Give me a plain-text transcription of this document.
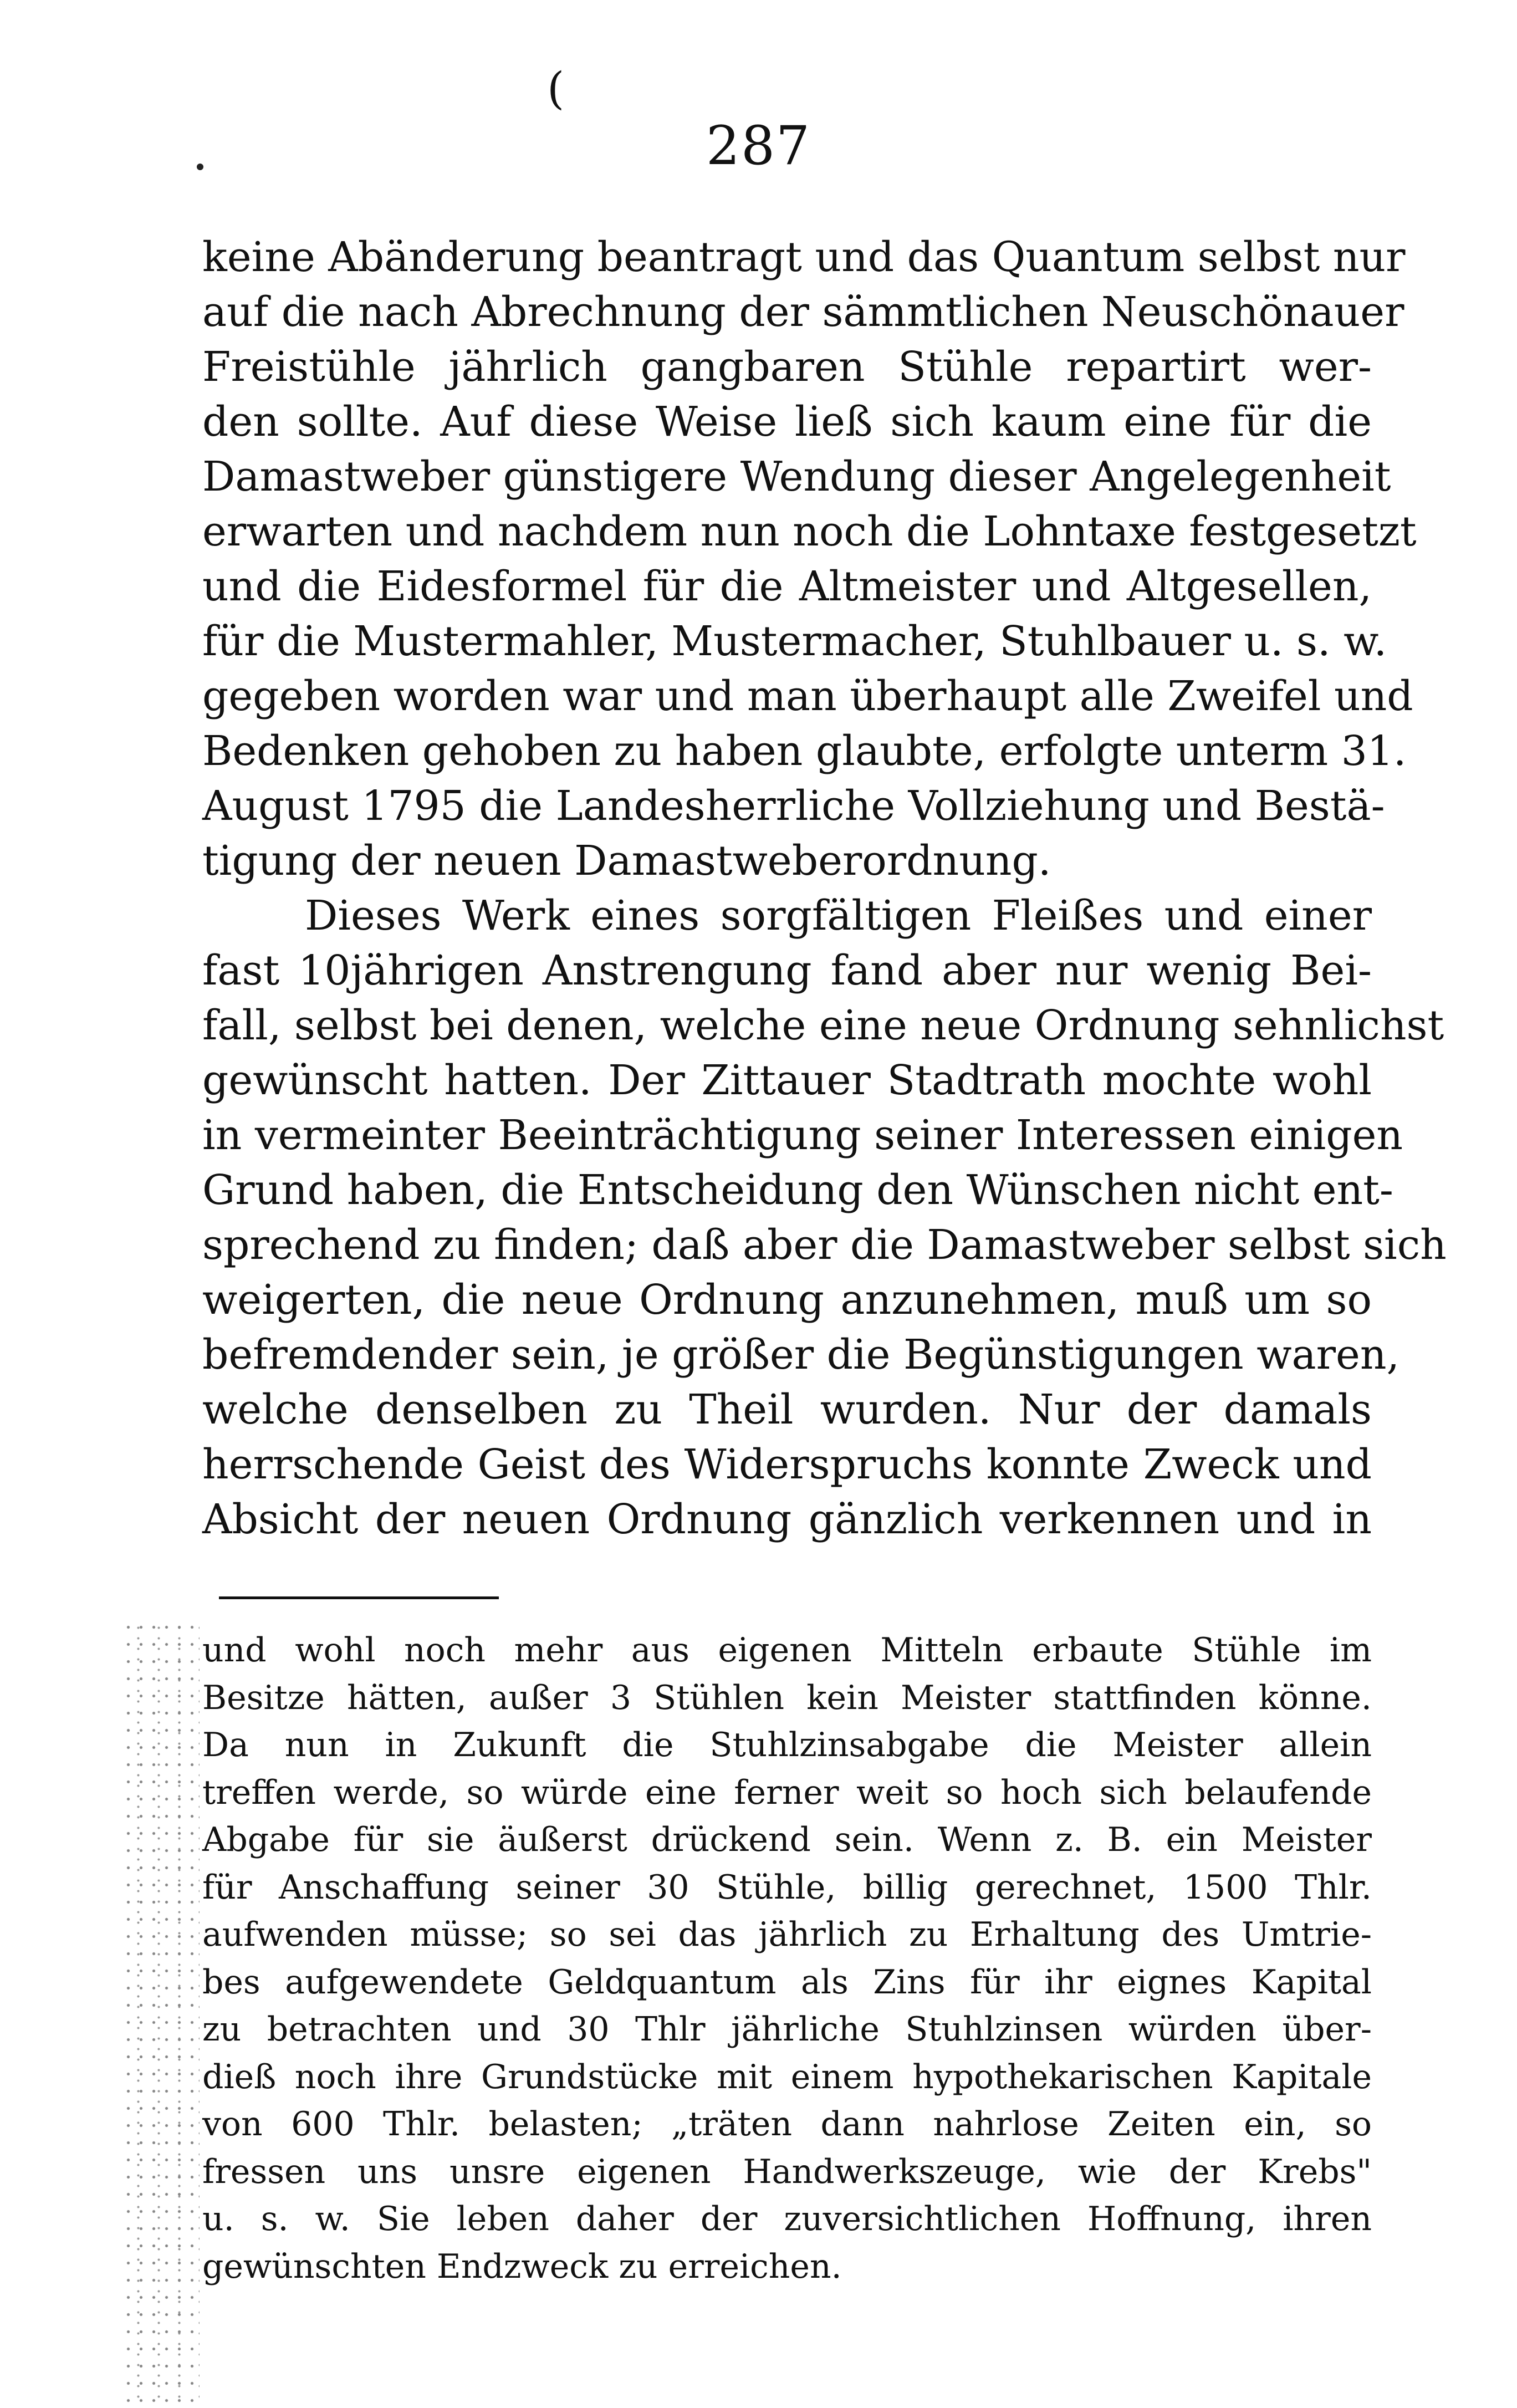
(
287
keine Abänderung beantragt und das Quantum selbst nur
auf die nach Abrechnung der sämmtlichen Neuschönauer
Freistühle jährlich gangbaren Stühle repartirt wer-
den sollte. Auf diese Weise ließ sich kaum eine für die
Damastweber günstigere Wendung dieser Angelegenheit
erwarten und nachdem nun noch die Lohntaxe festgesetzt
und die Eidesformel für die Altmeister und Altgesellen,
für die Mustermahler, Mustermacher, Stuhlbauer u. s. w.
gegeben worden war und man überhaupt alle Zweifel und
Bedenken gehoben zu haben glaubte, erfolgte unterm 31.
August 1795 die Landesherrliche Vollziehung und Bestä-
tigung der neuen Damastweberordnung.
Dieses Werk eines sorgfältigen Fleißes und einer
fast 10jährigen Anstrengung fand aber nur wenig Bei-
fall, selbst bei denen, welche eine neue Ordnung sehnlichst
gewünscht hatten. Der Zittauer Stadtrath mochte wohl
in vermeinter Beeinträchtigung seiner Interessen einigen
Grund haben, die Entscheidung den Wünschen nicht ent-
sprechend zu finden; daß aber die Damastweber selbst sich
weigerten, die neue Ordnung anzunehmen, muß um so
befremdender sein, je größer die Begünstigungen waren,
welche denselben zu Theil wurden. Nur der damals
herrschende Geist des Widerspruchs konnte Zweck und
Absicht der neuen Ordnung gänzlich verkennen und in
und wohl noch mehr aus eigenen Mitteln erbaute Stühle im
Besitze hätten, außer 3 Stühlen kein Meister stattfinden könne.
Da nun in Zukunft die Stuhlzinsabgabe die Meister allein
treffen werde, so würde eine ferner weit so hoch sich belaufende
Abgabe für sie äußerst drückend sein. Wenn z. B. ein Meister
für Anschaffung seiner 30 Stühle, billig gerechnet, 1500 Thlr.
aufwenden müsse; so sei das jährlich zu Erhaltung des Umtrie-
bes aufgewendete Geldquantum als Zins für ihr eignes Kapital
zu betrachten und 30 Thlr jährliche Stuhlzinsen würden über-
dieß noch ihre Grundstücke mit einem hypothekarischen Kapitale
von 600 Thlr. belasten; „träten dann nahrlose Zeiten ein, so
fressen uns unsre eigenen Handwerkszeuge, wie der Krebs"
u. s. w. Sie leben daher der zuversichtlichen Hoffnung, ihren
gewünschten Endzweck zu erreichen.
